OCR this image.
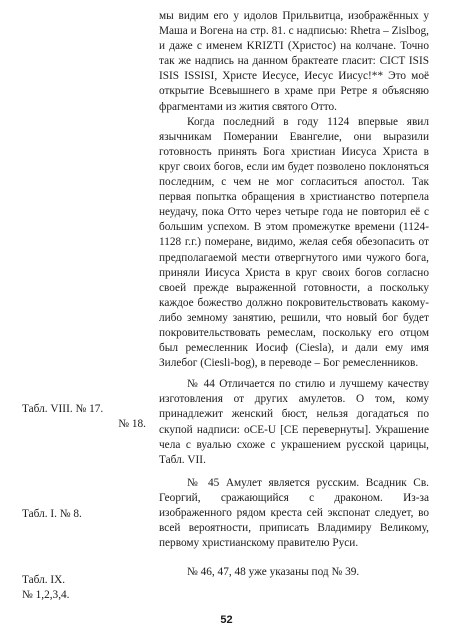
мы видим его у идолов Прильвитца, изображённых у Маша и Вогена на стр. 81. с надписью: Rhetra – Zislbog, и даже с именем KRIZTI (Христос) на колчане. Точно так же надпись на данном брактеате гласит: CICT ISIS ISIS ISSISI, Христе Иесусе, Иесус Иисус!** Это моё открытие Всевышнего в храме при Ретре я объясняю фрагментами из жития святого Отто.

Когда последний в году 1124 впервые явил язычникам Померании Евангелие, они выразили готовность принять Бога христиан Иисуса Христа в круг своих богов, если им будет позволено поклоняться последним, с чем не мог согласиться апостол. Так первая попытка обращения в христианство потерпела неудачу, пока Отто через четыре года не повторил её с большим успехом. В этом промежутке времени (1124-1128 г.г.) померане, видимо, желая себя обезопасить от предполагаемой мести отвергнутого ими чужого бога, приняли Иисуса Христа в круг своих богов согласно своей прежде выраженной готовности, а поскольку каждое божество должно покровительствовать какому-либо земному занятию, решили, что новый бог будет покровительствовать ремеслам, поскольку его отцом был ремесленник Иосиф (Ciesla), и дали ему имя Зилебог (Ciesli-bog), в переводе – Бог ремесленников.

№ 44 Отличается по стилю и лучшему качеству изготовления от других амулетов. О том, кому принадлежит женский бюст, нельзя догадаться по скупой надписи: oCE-U [CE перевернуты]. Украшение чела с вуалью схоже с украшением русской царицы, Табл. VII.

№ 45 Амулет является русским. Всадник Св. Георгий, сражающийся с драконом. Из-за изображенного рядом креста сей экспонат следует, во всей вероятности, приписать Владимиру Великому, первому христианскому правителю Руси.

№ 46, 47, 48 уже указаны под № 39.

Табл. VIII. № 17.
№ 18.
Табл. I. № 8.
Табл. IX.
№ 1,2,3,4.
52
